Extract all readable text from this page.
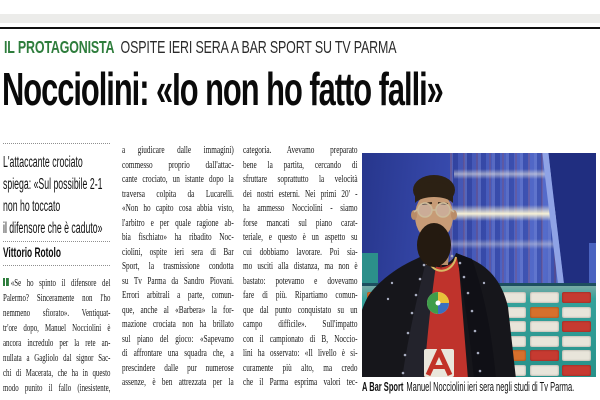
IL PROTAGONISTA OSPITE IERI SERA A BAR SPORT SU TV PARMA
Nocciolini: «Io non ho fatto falli»
L'attaccante crociato
spiega: «Sul possibile 2-1
non ho toccato
il difensore che è caduto»
Vittorio Rotolo
«Se ho spinto il difensore del
Palermo? Sinceramente non l'ho
nemmeno sfiorato». Ventiquat-
tr'ore dopo, Manuel Nocciolini è
ancora incredulo per la rete an-
nullata a Gagliolo dal signor Sac-
chi di Macerata, che ha in questo
modo punito il fallo (inesistente,
a giudicare dalle immagini)
commesso proprio dall'attac-
cante crociato, un istante dopo la
traversa colpita da Lucarelli.
«Non ho capito cosa abbia visto,
l'arbitro e per quale ragione ab-
bia fischiato» ha ribadito Noc-
ciolini, ospite ieri sera di Bar
Sport, la trasmissione condotta
su Tv Parma da Sandro Piovani.
Errori arbitrali a parte, comun-
que, anche al «Barbera» la for-
mazione crociata non ha brillato
sul piano del gioco: «Sapevamo
di affrontare una squadra che, a
prescindere dalle pur numerose
assenze, è ben attrezzata per la
categoria. Avevamo preparato
bene la partita, cercando di
sfruttare soprattutto la velocità
dei nostri esterni. Nei primi 20' -
ha ammesso Nocciolini - siamo
forse mancati sul piano carat-
teriale, e questo è un aspetto su
cui dobbiamo lavorare. Poi sia-
mo usciti alla distanza, ma non è
bastato: potevamo e dovevamo
fare di più. Ripartiamo comun-
que dal punto conquistato su un
campo difficile». Sull'impatto
con il campionato di B, Noccio-
lini ha osservato: «Il livello è si-
curamente più alto, ma credo
che il Parma esprima valori tec- A Bar Sport Manuel Nocciolini ieri sera negli studi di Tv Parma.
